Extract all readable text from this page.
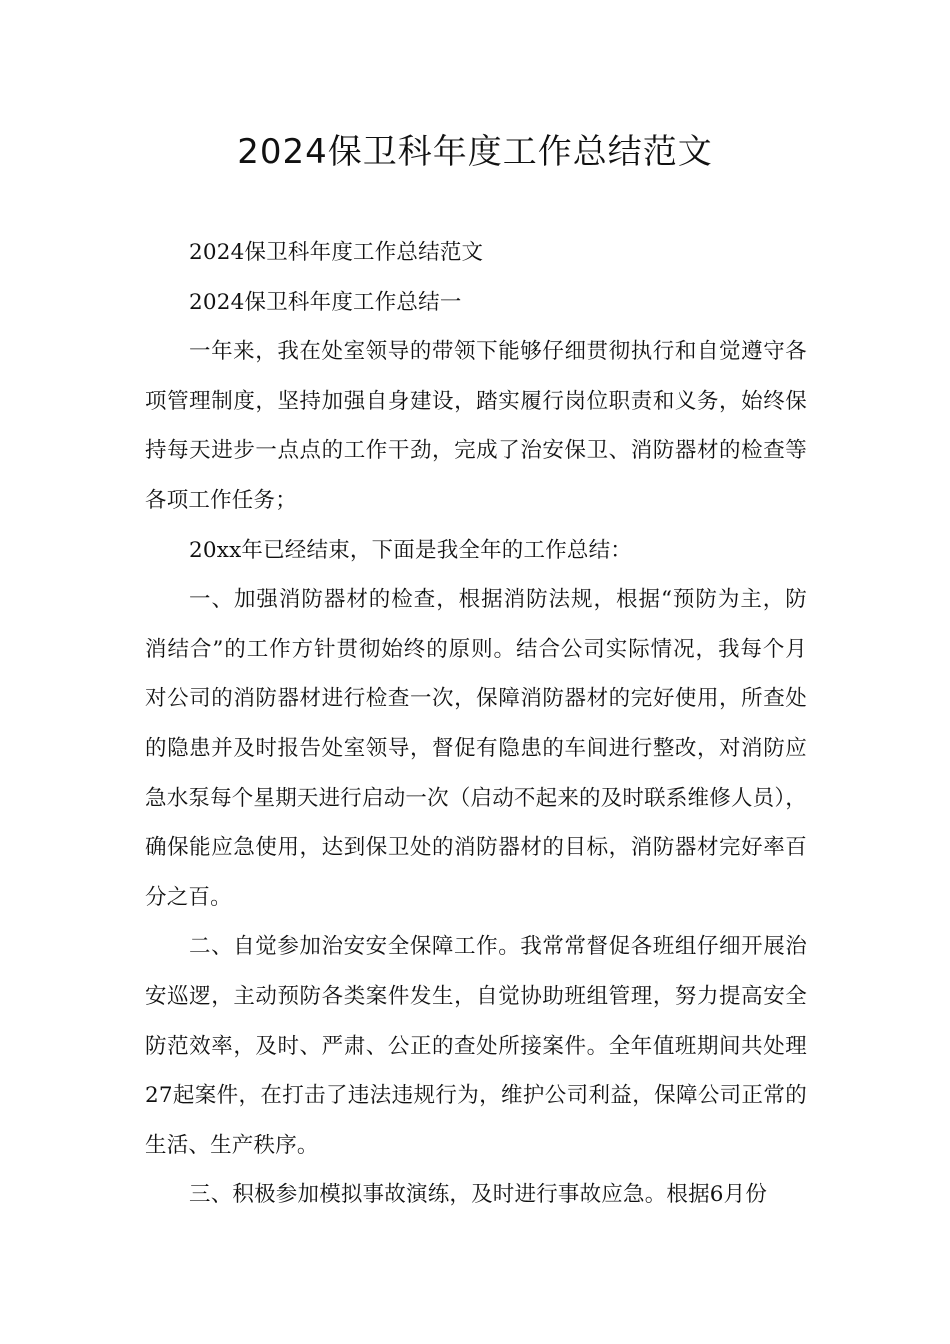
2024保卫科年度工作总结范文

2024保卫科年度工作总结范文

2024保卫科年度工作总结一

一年来，我在处室领导的带领下能够仔细贯彻执行和自觉遵守各项管理制度，坚持加强自身建设，踏实履行岗位职责和义务，始终保持每天进步一点点的工作干劲，完成了治安保卫、消防器材的检查等各项工作任务；

20xx年已经结束，下面是我全年的工作总结：

一、加强消防器材的检查，根据消防法规，根据“预防为主，防消结合”的工作方针贯彻始终的原则。结合公司实际情况，我每个月对公司的消防器材进行检查一次，保障消防器材的完好使用，所查处的隐患并及时报告处室领导，督促有隐患的车间进行整改，对消防应急水泵每个星期天进行启动一次（启动不起来的及时联系维修人员），确保能应急使用，达到保卫处的消防器材的目标，消防器材完好率百分之百。

二、自觉参加治安安全保障工作。我常常督促各班组仔细开展治安巡逻，主动预防各类案件发生，自觉协助班组管理，努力提高安全防范效率，及时、严肃、公正的查处所接案件。全年值班期间共处理27起案件，在打击了违法违规行为，维护公司利益，保障公司正常的生活、生产秩序。

三、积极参加模拟事故演练，及时进行事故应急。根据6月份
